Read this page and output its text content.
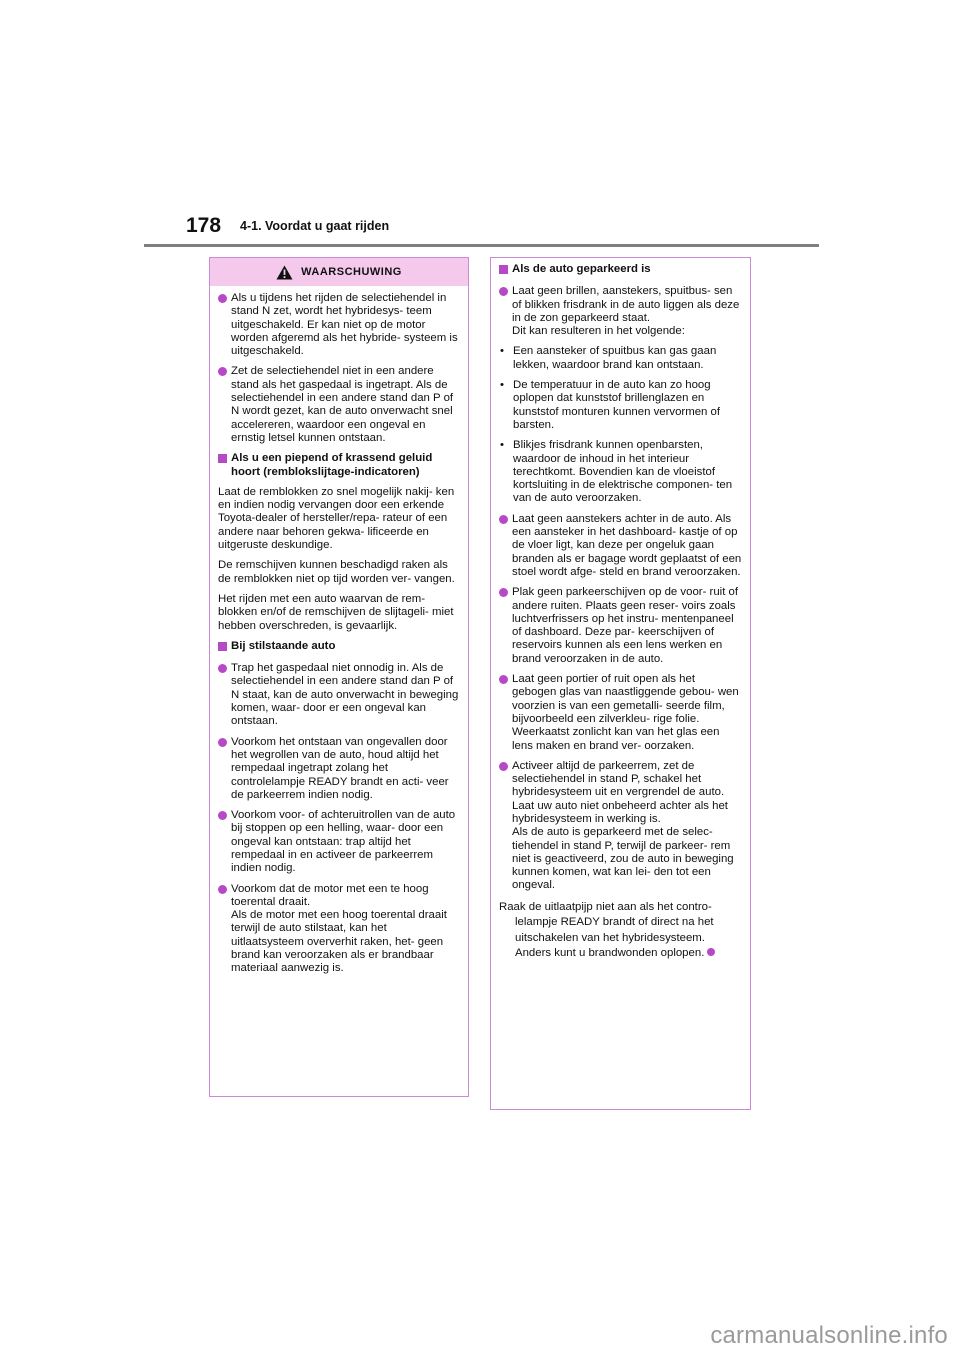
178 4-1. Voordat u gaat rijden
WAARSCHUWING
Als u tijdens het rijden de selectiehendel in stand N zet, wordt het hybridesys- teem uitgeschakeld. Er kan niet op de motor worden afgeremd als het hybride- systeem is uitgeschakeld.
Zet de selectiehendel niet in een andere stand als het gaspedaal is ingetrapt. Als de selectiehendel in een andere stand dan P of N wordt gezet, kan de auto onverwacht snel accelereren, waardoor een ongeval en ernstig letsel kunnen ontstaan.
Als u een piepend of krassend geluid hoort (remblokslijtage-indicatoren)
Laat de remblokken zo snel mogelijk nakij- ken en indien nodig vervangen door een erkende Toyota-dealer of hersteller/repa- rateur of een andere naar behoren gekwa- lificeerde en uitgeruste deskundige.
De remschijven kunnen beschadigd raken als de remblokken niet op tijd worden ver- vangen.
Het rijden met een auto waarvan de rem- blokken en/of de remschijven de slijtageli- miet hebben overschreden, is gevaarlijk.
Bij stilstaande auto
Trap het gaspedaal niet onnodig in. Als de selectiehendel in een andere stand dan P of N staat, kan de auto onverwacht in beweging komen, waar- door er een ongeval kan ontstaan.
Voorkom het ontstaan van ongevallen door het wegrollen van de auto, houd altijd het rempedaal ingetrapt zolang het controlelampje READY brandt en acti- veer de parkeerrem indien nodig.
Voorkom voor- of achteruitrollen van de auto bij stoppen op een helling, waar- door een ongeval kan ontstaan: trap altijd het rempedaal in en activeer de parkeerrem indien nodig.
Voorkom dat de motor met een te hoog toerental draait.
Als de motor met een hoog toerental draait terwijl de auto stilstaat, kan het uitlaatsysteem oververhit raken, het- geen brand kan veroorzaken als er brandbaar materiaal aanwezig is.
Als de auto geparkeerd is
Laat geen brillen, aanstekers, spuitbus- sen of blikken frisdrank in de auto liggen als deze in de zon geparkeerd staat.
Dit kan resulteren in het volgende:
• Een aansteker of spuitbus kan gas gaan lekken, waardoor brand kan ontstaan.
• De temperatuur in de auto kan zo hoog oplopen dat kunststof brillenglazen en kunststof monturen kunnen vervormen of barsten.
• Blikjes frisdrank kunnen openbarsten, waardoor de inhoud in het interieur terechtkomt. Bovendien kan de vloeistof kortsluiting in de elektrische componen- ten van de auto veroorzaken.
Laat geen aanstekers achter in de auto. Als een aansteker in het dashboard- kastje of op de vloer ligt, kan deze per ongeluk gaan branden als er bagage wordt geplaatst of een stoel wordt afge- steld en brand veroorzaken.
Plak geen parkeerschijven op de voor- ruit of andere ruiten. Plaats geen reser- voirs zoals luchtverfrissers op het instru- mentenpaneel of dashboard. Deze par- keerschijven of reservoirs kunnen als een lens werken en brand veroorzaken in de auto.
Laat geen portier of ruit open als het gebogen glas van naastliggende gebou- wen voorzien is van een gemetalli- seerde film, bijvoorbeeld een zilverkleu- rige folie. Weerkaatst zonlicht kan van het glas een lens maken en brand ver- oorzaken.
Activeer altijd de parkeerrem, zet de selectiehendel in stand P, schakel het hybridesysteem uit en vergrendel de auto.
Laat uw auto niet onbeheerd achter als het hybridesysteem in werking is.
Als de auto is geparkeerd met de selec- tiehendel in stand P, terwijl de parkeer- rem niet is geactiveerd, zou de auto in beweging kunnen komen, wat kan lei- den tot een ongeval.
Raak de uitlaatpijp niet aan als het contro- lelampje READY brandt of direct na het uitschakelen van het hybridesysteem. Anders kunt u brandwonden oplopen.
carmanualsonline.info
